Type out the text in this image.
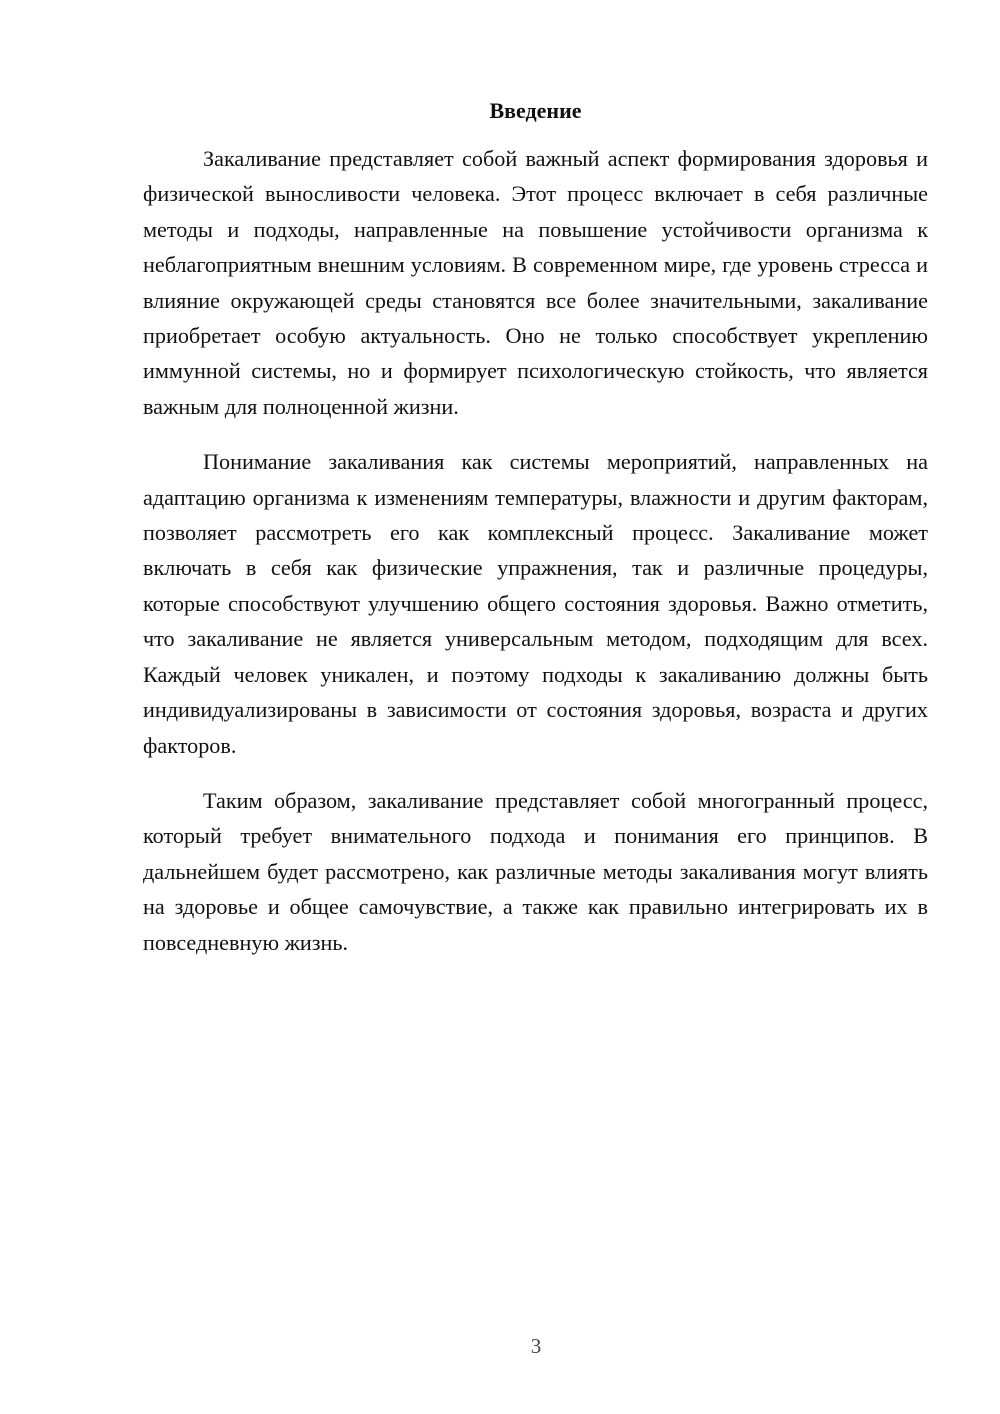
Введение

Закаливание представляет собой важный аспект формирования здоровья и физической выносливости человека. Этот процесс включает в себя различные методы и подходы, направленные на повышение устойчивости организма к неблагоприятным внешним условиям. В современном мире, где уровень стресса и влияние окружающей среды становятся все более значительными, закаливание приобретает особую актуальность. Оно не только способствует укреплению иммунной системы, но и формирует психологическую стойкость, что является важным для полноценной жизни.

Понимание закаливания как системы мероприятий, направленных на адаптацию организма к изменениям температуры, влажности и другим факторам, позволяет рассмотреть его как комплексный процесс. Закаливание может включать в себя как физические упражнения, так и различные процедуры, которые способствуют улучшению общего состояния здоровья. Важно отметить, что закаливание не является универсальным методом, подходящим для всех. Каждый человек уникален, и поэтому подходы к закаливанию должны быть индивидуализированы в зависимости от состояния здоровья, возраста и других факторов.

Таким образом, закаливание представляет собой многогранный процесс, который требует внимательного подхода и понимания его принципов. В дальнейшем будет рассмотрено, как различные методы закаливания могут влиять на здоровье и общее самочувствие, а также как правильно интегрировать их в повседневную жизнь.

3
